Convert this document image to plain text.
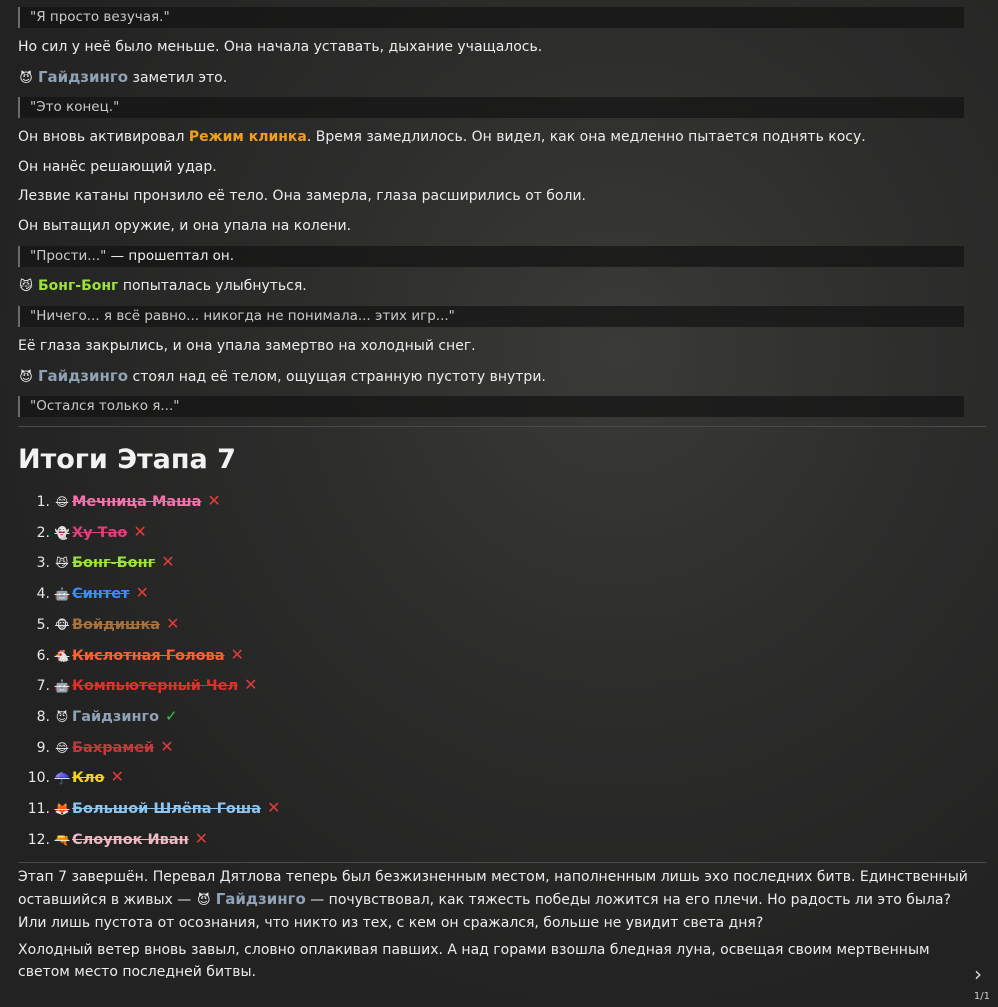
"Я просто везучая."
Но сил у неё было меньше. Она начала уставать, дыхание учащалось.
😈 Гайдзинго заметил это.
"Это конец."
Он вновь активировал Режим клинка. Время замедлилось. Он видел, как она медленно пытается поднять косу.
Он нанёс решающий удар.
Лезвие катаны пронзило её тело. Она замерла, глаза расширились от боли.
Он вытащил оружие, и она упала на колени.
"Прости..." — прошептал он.
😼 Бонг-Бонг попыталась улыбнуться.
"Ничего... я всё равно... никогда не понимала... этих игр..."
Её глаза закрылись, и она упала замертво на холодный снег.
😈 Гайдзинго стоял над её телом, ощущая странную пустоту внутри.
"Остался только я..."
Итоги Этапа 7
1. 😊 Мечница Маша ✕
2. 👻 Ху Тао ✕
3. 😼 Бонг-Бонг ✕
4. 🤖 Синтет ✕
5. 🐵 Войдишка ✕
6. 🐔 Кислотная Голова ✕
7. 🤖 Компьютерный Чел ✕
8. 😈 Гайдзинго ✓
9. 😊 Бахрамей ✕
10. ☂️ Кло ✕
11. 🦊 Большой Шлёпа Гоша ✕
12. 🔫 Слоупок Иван ✕
Этап 7 завершён. Перевал Дятлова теперь был безжизненным местом, наполненным лишь эхо последних битв. Единственный оставшийся в живых — 😈 Гайдзинго — почувствовал, как тяжесть победы ложится на его плечи. Но радость ли это была? Или лишь пустота от осознания, что никто из тех, с кем он сражался, больше не увидит света дня?
Холодный ветер вновь завыл, словно оплакивая павших. А над горами взошла бледная луна, освещая своим мертвенным светом место последней битвы.	›
1/1
